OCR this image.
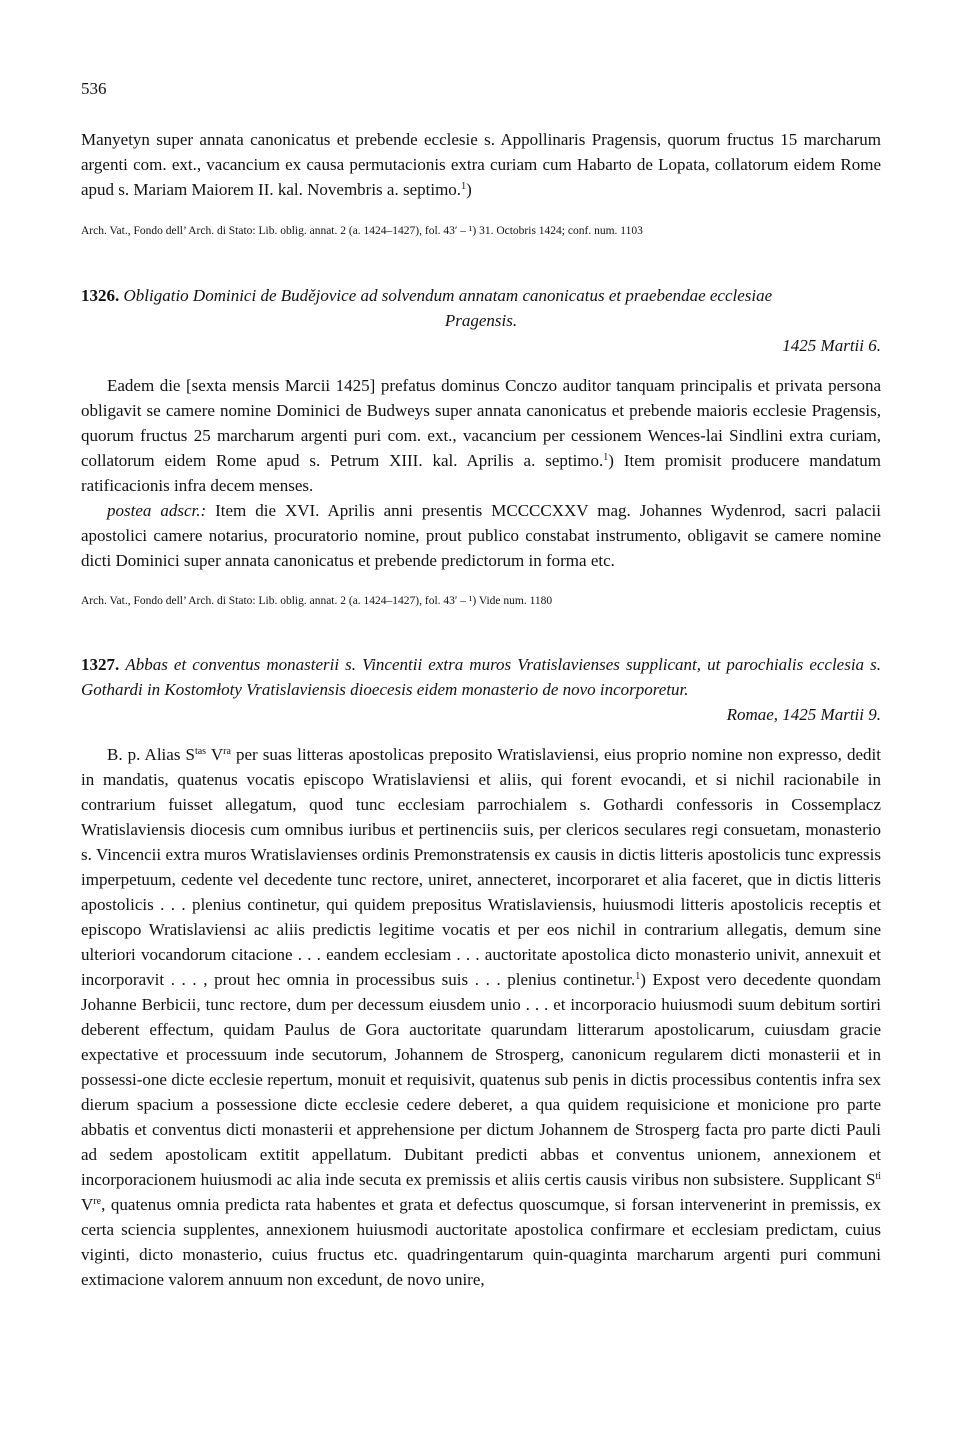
536

Manyetyn super annata canonicatus et prebende ecclesie s. Appollinaris Pragensis, quorum fructus 15 marcharum argenti com. ext., vacancium ex causa permutacionis extra curiam cum Habarto de Lopata, collatorum eidem Rome apud s. Mariam Maiorem II. kal. Novembris a. septimo.$^1$)

Arch. Vat., Fondo dell’ Arch. di Stato: Lib. oblig. annat. 2 (a. 1424–1427), fol. 43′ – ¹) 31. Octobris 1424; conf. num. 1103

1326. Obligatio Dominici de Budějovice ad solvendum annatam canonicatus et praebendae ecclesiae

Pragensis.

1425 Martii 6.

Eadem die [sexta mensis Marcii 1425] prefatus dominus Conczo auditor tanquam principalis et privata persona obligavit se camere nomine Dominici de Budweys super annata canonicatus et prebende maioris ecclesie Pragensis, quorum fructus 25 marcharum argenti puri com. ext., vacancium per cessionem Wences-lai Sindlini extra curiam, collatorum eidem Rome apud s. Petrum XIII. kal. Aprilis a. septimo.$^1$) Item promisit producere mandatum ratificacionis infra decem menses.
postea adscr.: Item die XVI. Aprilis anni presentis MCCCCXXV mag. Johannes Wydenrod, sacri palacii apostolici camere notarius, procuratorio nomine, prout publico constabat instrumento, obligavit se camere nomine dicti Dominici super annata canonicatus et prebende predictorum in forma etc.

Arch. Vat., Fondo dell’ Arch. di Stato: Lib. oblig. annat. 2 (a. 1424–1427), fol. 43′ – ¹) Vide num. 1180

1327. Abbas et conventus monasterii s. Vincentii extra muros Vratislavienses supplicant, ut parochialis ecclesia s. Gothardi in Kostomłoty Vratislaviensis dioecesis eidem monasterio de novo incorporetur.

Romae, 1425 Martii 9.

B. p. Alias $S^{tas}$ $V^{ra}$ per suas litteras apostolicas preposito Wratislaviensi, eius proprio nomine non expresso, dedit in mandatis, quatenus vocatis episcopo Wratislaviensi et aliis, qui forent evocandi, et si nichil racionabile in contrarium fuisset allegatum, quod tunc ecclesiam parrochialem s. Gothardi confessoris in Cossemplacz Wratislaviensis diocesis cum omnibus iuribus et pertinenciis suis, per clericos seculares regi consuetam, monasterio s. Vincencii extra muros Wratislavienses ordinis Premonstratensis ex causis in dictis litteris apostolicis tunc expressis imperpetuum, cedente vel decedente tunc rectore, uniret, annecteret, incorporaret et alia faceret, que in dictis litteris apostolicis . . . plenius continetur, qui quidem prepositus Wratislaviensis, huiusmodi litteris apostolicis receptis et episcopo Wratislaviensi ac aliis predictis legitime vocatis et per eos nichil in contrarium allegatis, demum sine ulteriori vocandorum citacione . . . eandem ecclesiam . . . auctoritate apostolica dicto monasterio univit, annexuit et incorporavit . . . , prout hec omnia in processibus suis . . . plenius continetur.$^1$) Expost vero decedente quondam Johanne Berbicii, tunc rectore, dum per decessum eiusdem unio . . . et incorporacio huiusmodi suum debitum sortiri deberent effectum, quidam Paulus de Gora auctoritate quarundam litterarum apostolicarum, cuiusdam gracie expectative et processuum inde secutorum, Johannem de Strosperg, canonicum regularem dicti monasterii et in possessi-one dicte ecclesie repertum, monuit et requisivit, quatenus sub penis in dictis processibus contentis infra sex dierum spacium a possessione dicte ecclesie cedere deberet, a qua quidem requisicione et monicione pro parte abbatis et conventus dicti monasterii et apprehensione per dictum Johannem de Strosperg facta pro parte dicti Pauli ad sedem apostolicam extitit appellatum. Dubitant predicti abbas et conventus unionem, annexionem et incorporacionem huiusmodi ac alia inde secuta ex premissis et aliis certis causis viribus non subsistere. Supplicant $S^{ti}$ Vre, quatenus omnia predicta rata habentes et grata et defectus quoscumque, si forsan intervenerint in premissis, ex certa sciencia supplentes, annexionem huiusmodi auctoritate apostolica confirmare et ecclesiam predictam, cuius viginti, dicto monasterio, cuius fructus etc. quadringentarum quin-quaginta marcharum argenti puri communi extimacione valorem annuum non excedunt, de novo unire,
